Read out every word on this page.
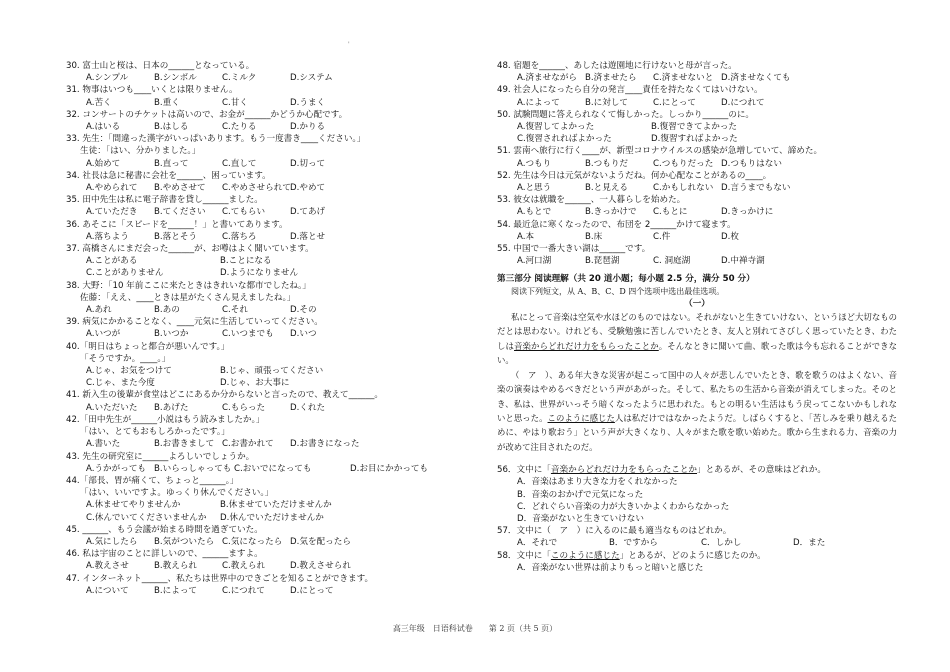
'
30. 富士山と桜は、日本の______となっている。
A.シンプル	B.シンボル	C.ミルク	D.システム
31. 物事はいつも____いくとは限りません。
A.苦く	B.重く	C.甘く	D.うまく
32. コンサートのチケットは高いので、お金が______かどうか心配です。
A.はいる	B.はしる	C.たりる	D.かりる
33. 先生：「間違った漢字がいっぱいあります。もう一度書き____ください。」
生徒：「はい、分かりました。」
A.始めて	B.直って	C.直して	D.切って
34. 社長は急に秘書に会社を______、困っています。
A.やめられて	B.やめさせて	C.やめさせられて D.やめて
35. 田中先生は私に電子辞書を貸し______ました。
A.ていただき	B.てください	C.てもらい	D.てあげ
36. あそこに「スピードを______！」と書いてあります。
A.落ちよう	B.落とそう	C.落ちろ	D.落とせ
37. 高橋さんにまだ会った______が、お噂はよく聞いています。
A.ことがある	B.ことになる
C.ことがありません	D.ようになりません
38. 大野：「10 年前ここに来たときはきれいな都市でしたね。」
佐藤：「ええ、____ときは星がたくさん見えましたね。」
A.あれ	B.あの	C.それ	D.その
39. 病気にかかることなく、____元気に生活していってください。
A.いつが	B.いつか	C.いつまでも	D.いつ
40.「明日はちょっと都合が悪いんです。」
「そうですか。____。」
A.じゃ、お気をつけて	B.じゃ、頑張ってください
C.じゃ、また今度	D.じゃ、お大事に
41. 新入生の後輩が食堂はどこにあるか分からないと言ったので、教えて______。
A.いただいた	B.あげた	C.もらった	D.くれた
42.「田中先生が______小説はもう読みましたか。」
「はい、とてもおもしろかったです。」
A.書いた	B.お書きまして C.お書かれて	D.お書きになった
43. 先生の研究室に______よろしいでしょうか。
A.うかがっても B.いらっしゃっても C.おいでになっても	D.お目にかかっても
44.「部長、胃が痛くて、ちょっと______。」
「はい、いいですよ。ゆっくり休んでください。」
A.休ませてやりませんか	B.休ませていただけませんか
C.休んでいてくださいませんか	D.休んでいただけませんか
45. ______、もう会議が始まる時間を過ぎていた。
A.気にしたら	B.気がついたら C.気になったら D.気を配ったら
46. 私は宇宙のことに詳しいので、______ますよ。
A.教えさせ	B.教えられ	C.教えられ	D.教えさせられ
47. インターネット______、私たちは世界中のできごとを知ることができます。
A.について	B.によって	C.につれて	D.にとって
48. 宿題を______、あしたは遊園地に行けないと母が言った。
A.済ませながら B.済ませたら	C.済ませないと D.済ませなくても
49. 社会人になったら自分の発言____責任を持たなくてはいけない。
A.によって	B.に対して	C.にとって	D.につれて
50. 試験問題に答えられなくて悔しかった。しっかり______のに。
A.復習してよかった	B.復習できてよかった
C.復習されればよかった	D.復習すればよかった
51. 雲南へ旅行に行く____が、新型コロナウイルスの感染が急増していて、諦めた。
A.つもり	B.つもりだ	C.つもりだった D.つもりはない
52. 先生は今日は元気がないようだね。何か心配なことがあるの____。
A.と思う	B.と見える	C.かもしれない D.言うまでもない
53. 彼女は就職を______、一人暮らしを始めた。
A.もとで	B.きっかけで	C.もとに	D.きっかけに
54. 最近急に寒くなったので、布団を 2______かけて寝ます。
A.本	B.床	C.件	D.枚
55. 中国で一番大きい湖は______です。
A.河口湖	B.琵琶湖	C. 洞庭湖	D.中禅寺湖
第三部分 阅读理解（共 20 道小题；每小题 2.5 分，满分 50 分）
阅读下列短文，从 A、B、C、D 四个选项中选出最佳选项。
（一）

私にとって音楽は空気や水ほどのものではない。それがないと生きていけない、というほど大切なものだとは思わない。けれども、受験勉強に苦しんでいたとき、友人と別れてさびしく思っていたとき、わたしは音楽からどれだけ力をもらったことか。そんなときに聞いて曲、歌った歌は今も忘れることができない。

（　ア　）、ある年大きな災害が起こって国中の人々が悲しんでいたとき、歌を歌うのはよくない、音楽の演奏はやめるべきだという声があがった。そして、私たちの生活から音楽が消えてしまった。そのとき、私は、世界がいっそう暗くなったように思われた。もとの明るい生活はもう戻ってこないかもしれないと思った。このように感じた人は私だけではなかったようだ。しばらくすると、「苦しみを乗り越えるために、やはり歌おう」という声が大きくなり、人々がまた歌を歌い始めた。歌から生まれる力、音楽の力が改めて注目されたのだ。

56．文中に「音楽からどれだけ力をもらったことか」とあるが、その意味はどれか。
A．音楽はあまり大きな力をくれなかった
B．音楽のおかげで元気になった
C．どれぐらい音楽の力が大きいかよくわからなかった
D．音楽がないと生きていけない
57．文中に（　ア　）に入るのに最も適当なものはどれか。
A．それで	B．ですから	C．しかし	D．また
58．文中に「このように感じた」とあるが、どのように感じたのか。
A．音楽がない世界は前よりもっと暗いと感じた
高三年级　日语科试卷　　第 2 页（共 5 页）
